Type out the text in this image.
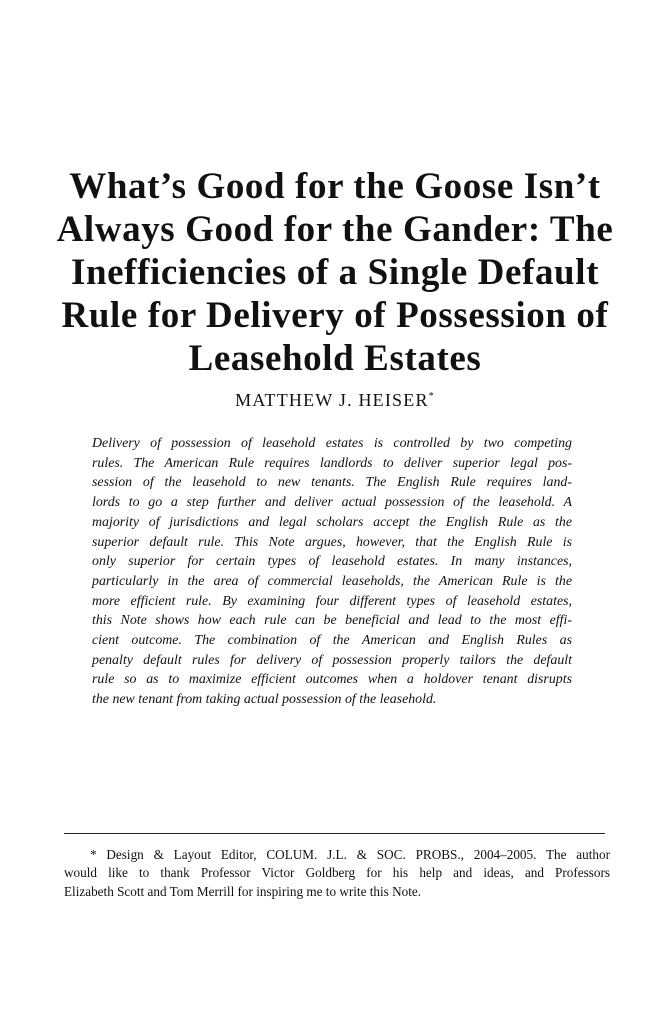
What’s Good for the Goose Isn’t
Always Good for the Gander: The
Inefficiencies of a Single Default
Rule for Delivery of Possession of
Leasehold Estates
MATTHEW J. HEISER*
Delivery of possession of leasehold estates is controlled by two competing
rules. The American Rule requires landlords to deliver superior legal pos-
session of the leasehold to new tenants. The English Rule requires land-
lords to go a step further and deliver actual possession of the leasehold. A
majority of jurisdictions and legal scholars accept the English Rule as the
superior default rule. This Note argues, however, that the English Rule is
only superior for certain types of leasehold estates. In many instances,
particularly in the area of commercial leaseholds, the American Rule is the
more efficient rule. By examining four different types of leasehold estates,
this Note shows how each rule can be beneficial and lead to the most effi-
cient outcome. The combination of the American and English Rules as
penalty default rules for delivery of possession properly tailors the default
rule so as to maximize efficient outcomes when a holdover tenant disrupts
the new tenant from taking actual possession of the leasehold.
* Design & Layout Editor, COLUM. J.L. & SOC. PROBS., 2004–2005. The author
would like to thank Professor Victor Goldberg for his help and ideas, and Professors
Elizabeth Scott and Tom Merrill for inspiring me to write this Note.
